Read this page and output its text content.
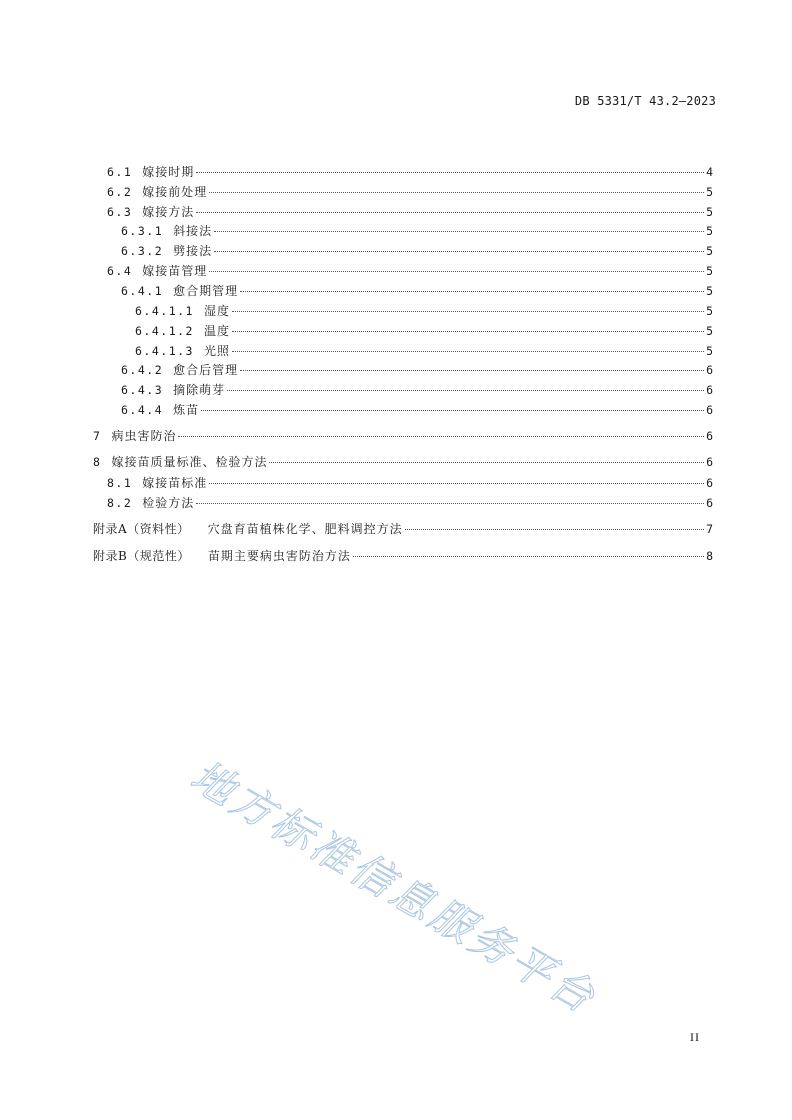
DB 5331/T 43.2—2023
6.1 嫁接时期	4
6.2 嫁接前处理	5
6.3 嫁接方法	5
6.3.1 斜接法	5
6.3.2 劈接法	5
6.4 嫁接苗管理	5
6.4.1 愈合期管理	5
6.4.1.1 湿度	5
6.4.1.2 温度	5
6.4.1.3 光照	5
6.4.2 愈合后管理	6
6.4.3 摘除萌芽	6
6.4.4 炼苗	6
7 病虫害防治	6
8 嫁接苗质量标准、检验方法	6
8.1 嫁接苗标准	6
8.2 检验方法	6
附录A（资料性） 穴盘育苗植株化学、肥料调控方法	7
附录B（规范性） 苗期主要病虫害防治方法	8
II
地方标准信息服务平台
